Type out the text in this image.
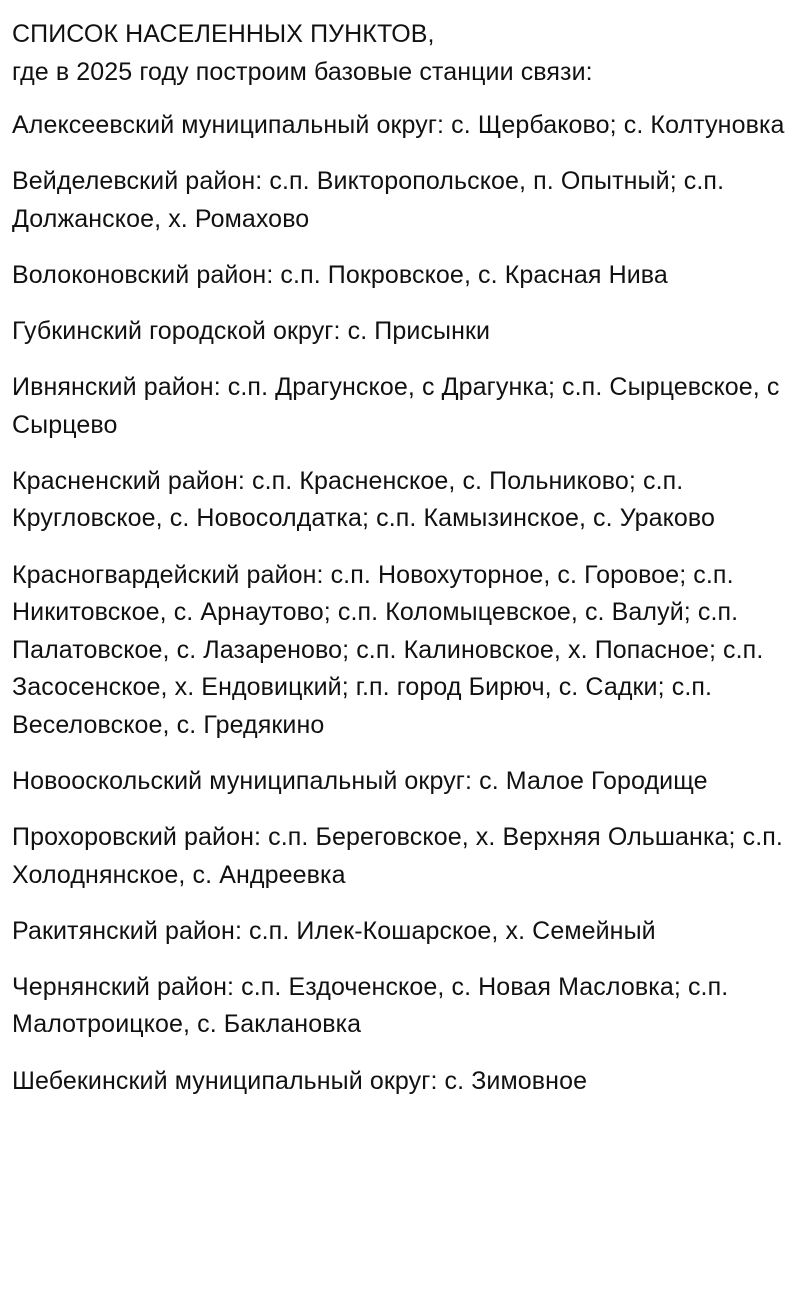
СПИСОК НАСЕЛЕННЫХ ПУНКТОВ,
где в 2025 году построим базовые станции связи:

Алексеевский муниципальный округ: с. Щербаково; с. Колтуновка

Вейделевский район: с.п. Викторопольское, п. Опытный; с.п. Должанское, х. Ромахово

Волоконовский район: с.п. Покровское, с. Красная Нива

Губкинский городской округ: с. Присынки

Ивнянский район: с.п. Драгунское, с Драгунка; с.п. Сырцевское, с Сырцево

Красненский район: с.п. Красненское, с. Польниково; с.п. Кругловское, с. Новосолдатка; с.п. Камызинское, с. Ураково

Красногвардейский район: с.п. Новохуторное, с. Горовое; с.п. Никитовское, с. Арнаутово; с.п. Коломыцевское, с. Валуй; с.п. Палатовское, с. Лазареново; с.п. Калиновское, х. Попасное; с.п. Засосенское, х. Ендовицкий; г.п. город Бирюч, с. Садки; с.п. Веселовское, с. Гредякино

Новооскольский муниципальный округ: с. Малое Городище

Прохоровский район: с.п. Береговское, х. Верхняя Ольшанка; с.п. Холоднянское, с. Андреевка

Ракитянский район: с.п. Илек-Кошарское, х. Семейный

Чернянский район: с.п. Ездоченское, с. Новая Масловка; с.п. Малотроицкое, с. Баклановка

Шебекинский муниципальный округ: с. Зимовное
